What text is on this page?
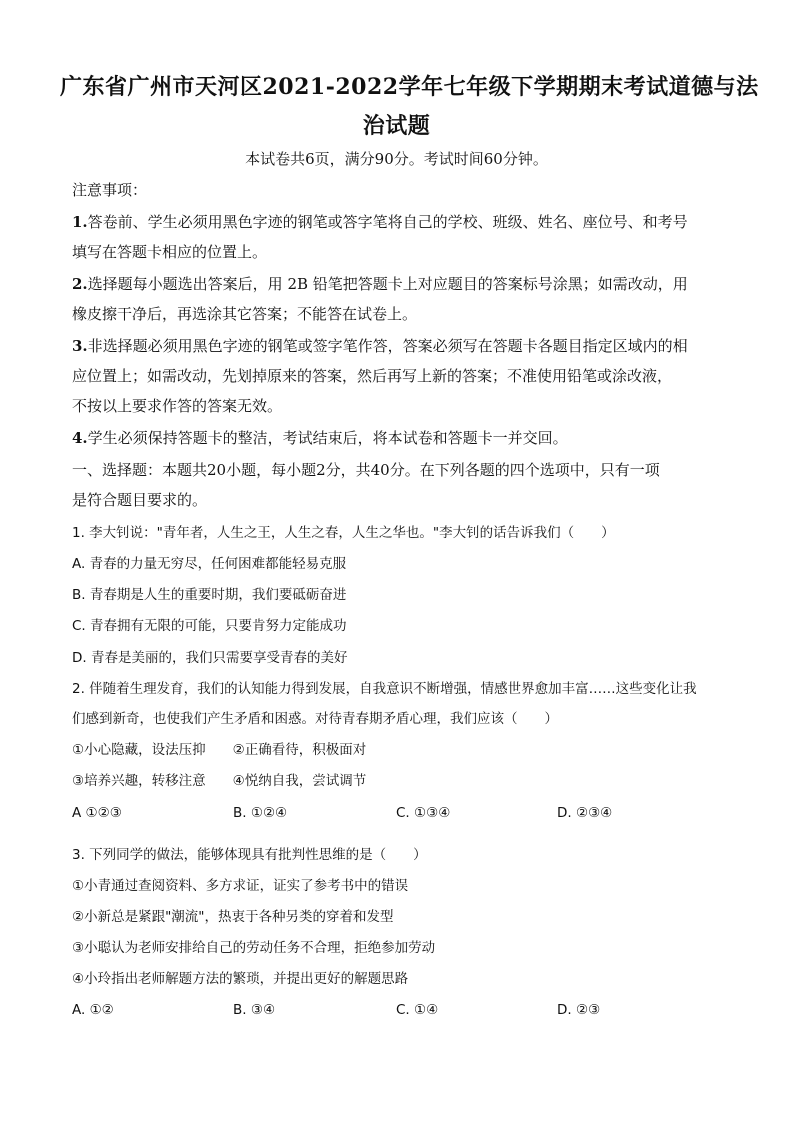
广东省广州市天河区2021-2022学年七年级下学期期末考试道德与法
治试题
本试卷共6页，满分90分。考试时间60分钟。
注意事项：
1.答卷前、学生必须用黑色字迹的钢笔或答字笔将自己的学校、班级、姓名、座位号、和考号
填写在答题卡相应的位置上。
2.选择题每小题选出答案后，用 2B 铅笔把答题卡上对应题目的答案标号涂黑；如需改动，用
橡皮擦干净后，再选涂其它答案；不能答在试卷上。
3.非选择题必须用黑色字迹的钢笔或签字笔作答，答案必须写在答题卡各题目指定区域内的相
应位置上；如需改动，先划掉原来的答案，然后再写上新的答案；不准使用铅笔或涂改液，
不按以上要求作答的答案无效。
4.学生必须保持答题卡的整洁，考试结束后，将本试卷和答题卡一并交回。
一、选择题：本题共20小题，每小题2分，共40分。在下列各题的四个选项中，只有一项
是符合题目要求的。
1. 李大钊说："青年者，人生之王，人生之春，人生之华也。"李大钊的话告诉我们（　　）
A. 青春的力量无穷尽，任何困难都能轻易克服
B. 青春期是人生的重要时期，我们要砥砺奋进
C. 青春拥有无限的可能，只要肯努力定能成功
D. 青春是美丽的，我们只需要享受青春的美好
2. 伴随着生理发育，我们的认知能力得到发展，自我意识不断增强，情感世界愈加丰富……这些变化让我
们感到新奇，也使我们产生矛盾和困惑。对待青春期矛盾心理，我们应该（　　）
①小心隐藏，设法压抑　　②正确看待，积极面对
③培养兴趣，转移注意　　④悦纳自我，尝试调节
A ①②③	B. ①②④	C. ①③④	D. ②③④
3. 下列同学的做法，能够体现具有批判性思维的是（　　）
①小青通过查阅资料、多方求证，证实了参考书中的错误
②小新总是紧跟"潮流"，热衷于各种另类的穿着和发型
③小聪认为老师安排给自己的劳动任务不合理，拒绝参加劳动
④小玲指出老师解题方法的繁琐，并提出更好的解题思路
A. ①②	B. ③④	C. ①④	D. ②③
